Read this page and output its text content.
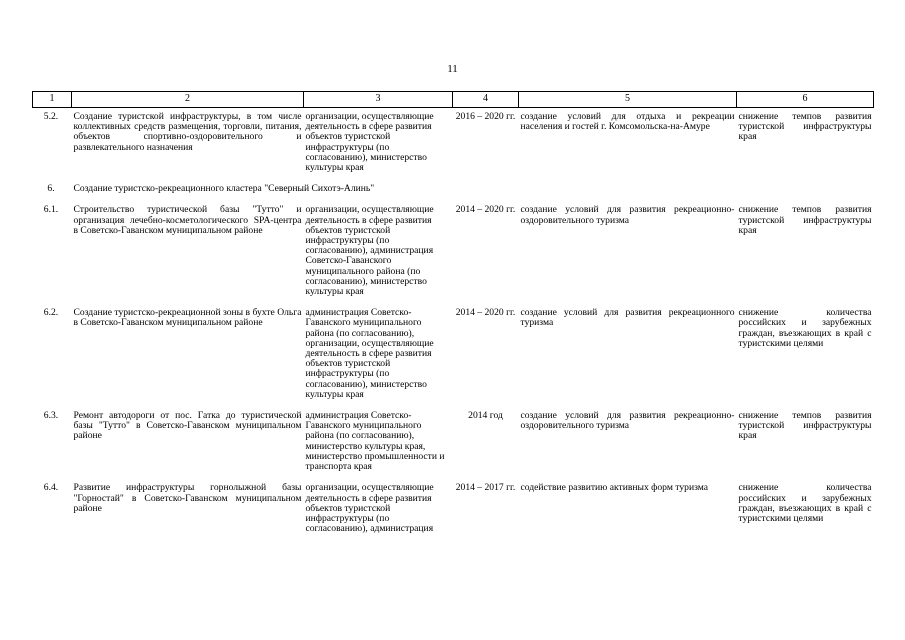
11
1	2	3	4	5	6
5.2.	Создание туристской инфраструктуры, в том числе коллективных средств размещения, торговли, питания, объектов спортивно-оздоровительного и развлекательного назначения	организации, осуществляющие деятельность в сфере развития объектов туристской инфраструктуры (по согласованию), министерство культуры края	2016 – 2020 гг.	создание условий для отдыха и рекреации населения и гостей г. Комсомольска-на-Амуре	снижение темпов развития туристской инфраструктуры края
6.	Создание туристско-рекреационного кластера "Северный Сихотэ-Алинь"				
6.1.	Строительство туристической базы "Тутто" и организация лечебно-косметологического SPA-центра в Советско-Гаванском муниципальном районе	организации, осуществляющие деятельность в сфере развития объектов туристской инфраструктуры (по согласованию), администрация Советско-Гаванского муниципального района (по согласованию), министерство культуры края	2014 – 2020 гг.	создание условий для развития рекреационно-оздоровительного туризма	снижение темпов развития туристской инфраструктуры края
6.2.	Создание туристско-рекреационной зоны в бухте Ольга в Советско-Гаванском муниципальном районе	администрация Советско-Гаванского муниципального района (по согласованию), организации, осуществляющие деятельность в сфере развития объектов туристской инфраструктуры (по согласованию), министерство культуры края	2014 – 2020 гг.	создание условий для развития рекреационного туризма	снижение количества российских и зарубежных граждан, въезжающих в край с туристскими целями
6.3.	Ремонт автодороги от пос. Гатка до туристической базы "Тутто" в Советско-Гаванском муниципальном районе	администрация Советско-Гаванского муниципального района (по согласованию), министерство культуры края, министерство промышленности и транспорта края	2014 год	создание условий для развития рекреационно-оздоровительного туризма	снижение темпов развития туристской инфраструктуры края
6.4.	Развитие инфраструктуры горнолыжной базы "Горностай" в Советско-Гаванском муниципальном районе	организации, осуществляющие деятельность в сфере развития объектов туристской инфраструктуры (по согласованию), администрация	2014 – 2017 гг.	содействие развитию активных форм туризма	снижение количества российских и зарубежных граждан, въезжающих в край с туристскими целями
